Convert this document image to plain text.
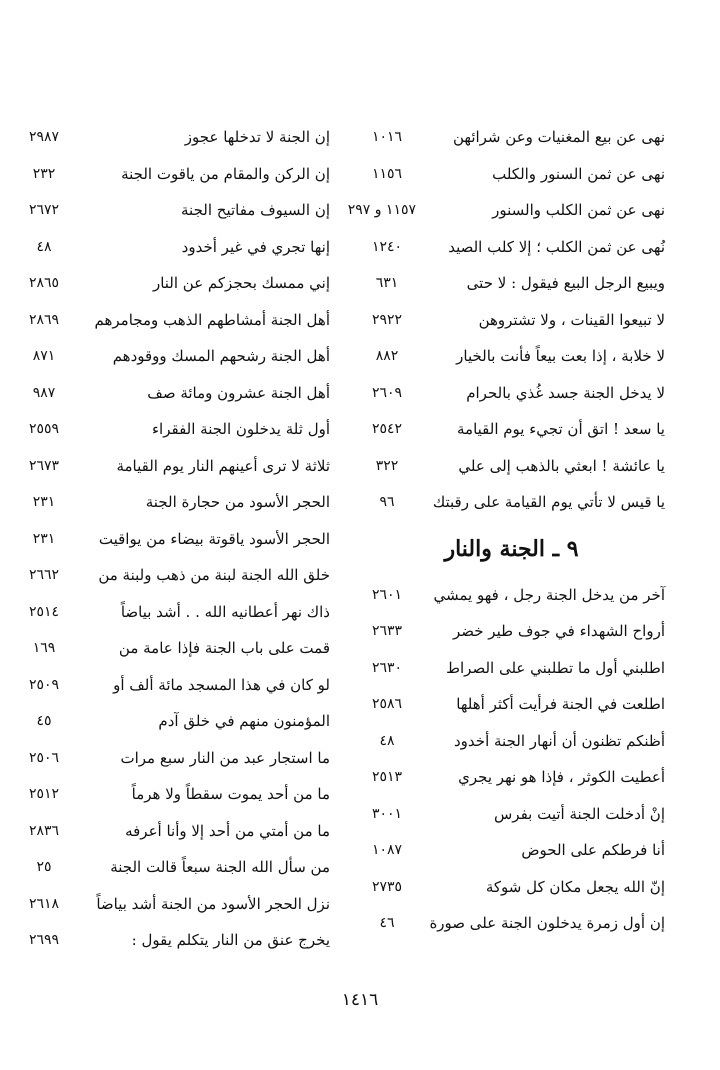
نهى عن بيع المغنيات وعن شرائهن
١٠١٦
نهى عن ثمن السنور والكلب
١١٥٦
نهى عن ثمن الكلب والسنور
١١٥٧ و ٢٩٧
نُهى عن ثمن الكلب ؛ إلا كلب الصيد
١٢٤٠
ويبيع الرجل البيع فيقول : لا حتى
٦٣١
لا تبيعوا القينات ، ولا تشتروهن
٢٩٢٢
لا خلابة ، إذا بعت بيعاً فأنت بالخيار
٨٨٢
لا يدخل الجنة جسد غُذي بالحرام
٢٦٠٩
يا سعد ! اتق أن تجيء يوم القيامة
٢٥٤٢
يا عائشة ! ابعثي بالذهب إلى علي
٣٢٢
يا قيس لا تأتي يوم القيامة على رقبتك
٩٦
٩ ـ الجنة والنار
آخر من يدخل الجنة رجل ، فهو يمشي
٢٦٠١
أرواح الشهداء في جوف طير خضر
٢٦٣٣
اطلبني أول ما تطلبني على الصراط
٢٦٣٠
اطلعت في الجنة فرأيت أكثر أهلها
٢٥٨٦
أظنكم تظنون أن أنهار الجنة أخدود
٤٨
أعطيت الكوثر ، فإذا هو نهر يجري
٢٥١٣
إنْ أدخلت الجنة أتيت بفرس
٣٠٠١
أنا فرطكم على الحوض
١٠٨٧
إنّ الله يجعل مكان كل شوكة
٢٧٣٥
إن أول زمرة يدخلون الجنة على صورة
٤٦
إن الجنة لا تدخلها عجوز
٢٩٨٧
إن الركن والمقام من ياقوت الجنة
٢٣٢
إن السيوف مفاتيح الجنة
٢٦٧٢
إنها تجري في غير أخدود
٤٨
إني ممسك بحجزكم عن النار
٢٨٦٥
أهل الجنة أمشاطهم الذهب ومجامرهم
٢٨٦٩
أهل الجنة رشحهم المسك ووقودهم
٨٧١
أهل الجنة عشرون ومائة صف
٩٨٧
أول ثلة يدخلون الجنة الفقراء
٢٥٥٩
ثلاثة لا ترى أعينهم النار يوم القيامة
٢٦٧٣
الحجر الأسود من حجارة الجنة
٢٣١
الحجر الأسود ياقوتة بيضاء من يواقيت
٢٣١
خلق الله الجنة لبنة من ذهب ولبنة من
٢٦٦٢
ذاك نهر أعطانيه الله . . أشد بياضاً
٢٥١٤
قمت على باب الجنة فإذا عامة من
١٦٩
لو كان في هذا المسجد مائة ألف أو
٢٥٠٩
المؤمنون منهم في خلق آدم
٤٥
ما استجار عبد من النار سبع مرات
٢٥٠٦
ما من أحد يموت سقطاً ولا هرماً
٢٥١٢
ما من أمتي من أحد إلا وأنا أعرفه
٢٨٣٦
من سأل الله الجنة سبعاً قالت الجنة
٢٥
نزل الحجر الأسود من الجنة أشد بياضاً
٢٦١٨
يخرج عنق من النار يتكلم يقول :
٢٦٩٩
١٤١٦
